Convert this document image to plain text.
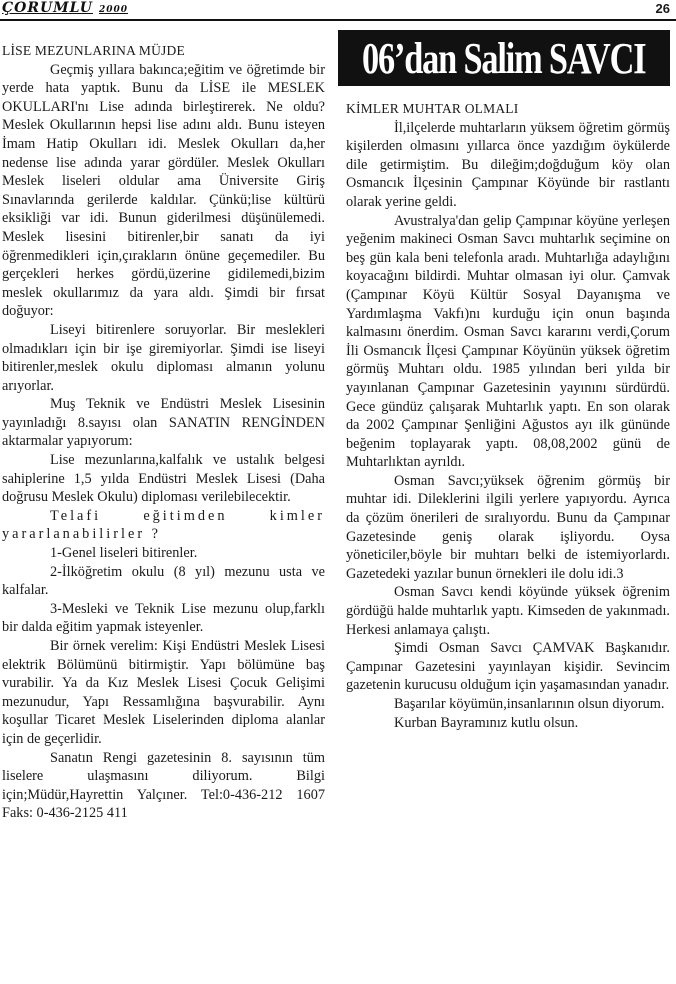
ÇORUMLU 2000	26
06’dan Salim SAVCI

LİSE MEZUNLARINA MÜJDE

Geçmiş yıllara bakınca;eğitim ve öğretimde bir yerde hata yaptık. Bunu da LİSE ile MESLEK OKULLARI'nı Lise adında birleştirerek. Ne oldu? Meslek Okullarının hepsi lise adını aldı. Bunu isteyen İmam Hatip Okulları idi. Meslek Okulları da,her nedense lise adında yarar gördüler. Meslek Okulları Meslek liseleri oldular ama Üniversite Giriş Sınavlarında gerilerde kaldılar. Çünkü;lise kültürü eksikliği var idi. Bunun giderilmesi düşünülemedi. Meslek lisesini bitirenler,bir sanatı da iyi öğrenmedikleri için,çırakların önüne geçemediler. Bu gerçekleri herkes gördü,üzerine gidilemedi,bizim meslek okullarımız da yara aldı. Şimdi bir fırsat doğuyor:

Liseyi bitirenlere soruyorlar. Bir meslekleri olmadıkları için bir işe giremiyorlar. Şimdi ise liseyi bitirenler,meslek okulu diploması almanın yolunu arıyorlar.

Muş Teknik ve Endüstri Meslek Lisesinin yayınladığı 8.sayısı olan SANATIN RENGİNDEN aktarmalar yapıyorum:

Lise mezunlarına,kalfalık ve ustalık belgesi sahiplerine 1,5 yılda Endüstri Meslek Lisesi (Daha doğrusu Meslek Okulu) diploması verilebilecektir.

Telafi eğitimden kimler yararlanabilirler ?

1-Genel liseleri bitirenler.

2-İlköğretim okulu (8 yıl) mezunu usta ve kalfalar.

3-Mesleki ve Teknik Lise mezunu olup,farklı bir dalda eğitim yapmak isteyenler.

Bir örnek verelim: Kişi Endüstri Meslek Lisesi elektrik Bölümünü bitirmiştir. Yapı bölümüne baş vurabilir. Ya da Kız Meslek Lisesi Çocuk Gelişimi mezunudur, Yapı Ressamlığına başvurabilir. Aynı koşullar Ticaret Meslek Liselerinden diploma alanlar için de geçerlidir.

Sanatın Rengi gazetesinin 8. sayısının tüm liselere ulaşmasını diliyorum. Bilgi için;Müdür,Hayrettin Yalçıner. Tel:0-436-212 1607 Faks: 0-436-2125 411

KİMLER MUHTAR OLMALI

İl,ilçelerde muhtarların yüksem öğretim görmüş kişilerden olmasını yıllarca önce yazdığım öykülerde dile getirmiştim. Bu dileğim;doğduğum köy olan Osmancık İlçesinin Çampınar Köyünde bir rastlantı olarak yerine geldi.

Avustralya'dan gelip Çampınar köyüne yerleşen yeğenim makineci Osman Savcı muhtarlık seçimine on beş gün kala beni telefonla aradı. Muhtarlığa adaylığını koyacağını bildirdi. Muhtar olmasan iyi olur. Çamvak (Çampınar Köyü Kültür Sosyal Dayanışma ve Yardımlaşma Vakfı)nı kurduğu için onun başında kalmasını önerdim. Osman Savcı kararını verdi,Çorum İli Osmancık İlçesi Çampınar Köyünün yüksek öğretim görmüş Muhtarı oldu. 1985 yılından beri yılda bir yayınlanan Çampınar Gazetesinin yayınını sürdürdü. Gece gündüz çalışarak Muhtarlık yaptı. En son olarak da 2002 Çampınar Şenliğini Ağustos ayı ilk gününde beğenim toplayarak yaptı. 08,08,2002 günü de Muhtarlıktan ayrıldı.

Osman Savcı;yüksek öğrenim görmüş bir muhtar idi. Dileklerini ilgili yerlere yapıyordu. Ayrıca da çözüm önerileri de sıralıyordu. Bunu da Çampınar Gazetesinde geniş olarak işliyordu. Oysa yöneticiler,böyle bir muhtarı belki de istemiyorlardı. Gazetedeki yazılar bunun örnekleri ile dolu idi.3

Osman Savcı kendi köyünde yüksek öğrenim gördüğü halde muhtarlık yaptı. Kimseden de yakınmadı. Herkesi anlamaya çalıştı.

Şimdi Osman Savcı ÇAMVAK Başkanıdır. Çampınar Gazetesini yayınlayan kişidir. Sevincim gazetenin kurucusu olduğum için yaşamasından yanadır.

Başarılar köyümün,insanlarının olsun diyorum.

Kurban Bayramınız kutlu olsun.
